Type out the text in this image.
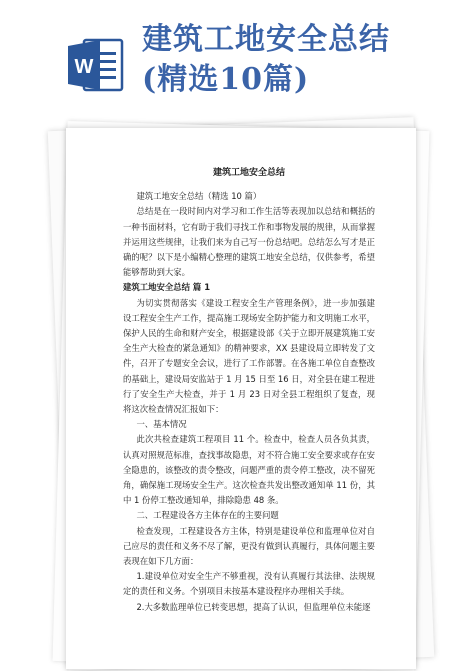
W
建筑工地安全总结
(精选10篇)

建筑工地安全总结

建筑工地安全总结（精选 10 篇）

总结是在一段时间内对学习和工作生活等表现加以总结和概括的一种书面材料，它有助于我们寻找工作和事物发展的规律，从而掌握并运用这些规律，让我们来为自己写一份总结吧。总结怎么写才是正确的呢？以下是小编精心整理的建筑工地安全总结，仅供参考，希望能够帮助到大家。

建筑工地安全总结 篇 1

为切实贯彻落实《建设工程安全生产管理条例》，进一步加强建设工程安全生产工作，提高施工现场安全防护能力和文明施工水平，保护人民的生命和财产安全，根据建设部《关于立即开展建筑施工安全生产大检查的紧急通知》的精神要求，XX 县建设局立即转发了文件，召开了专题安全会议，进行了工作部署。在各施工单位自查整改的基础上，建设局安监站于 1 月 15 日至 16 日，对全县在建工程进行了安全生产大检查，并于 1 月 23 日对全县工程组织了复查，现将这次检查情况汇报如下：

一、基本情况

此次共检查建筑工程项目 11 个。检查中，检查人员各负其责，认真对照规范标准，查找事故隐患，对不符合施工安全要求或存在安全隐患的，该整改的责令整改，问题严重的责令停工整改，决不留死角，确保施工现场安全生产。这次检查共发出整改通知单 11 份，其中 1 份停工整改通知单，排除隐患 48 条。

二、工程建设各方主体存在的主要问题

检查发现，工程建设各方主体，特别是建设单位和监理单位对自己应尽的责任和义务不尽了解，更没有做到认真履行，具体问题主要表现在如下几方面：

1.建设单位对安全生产不够重视，没有认真履行其法律、法规规定的责任和义务。个别项目未按基本建设程序办理相关手续。

2.大多数监理单位已转变思想，提高了认识，但监理单位未能逐
